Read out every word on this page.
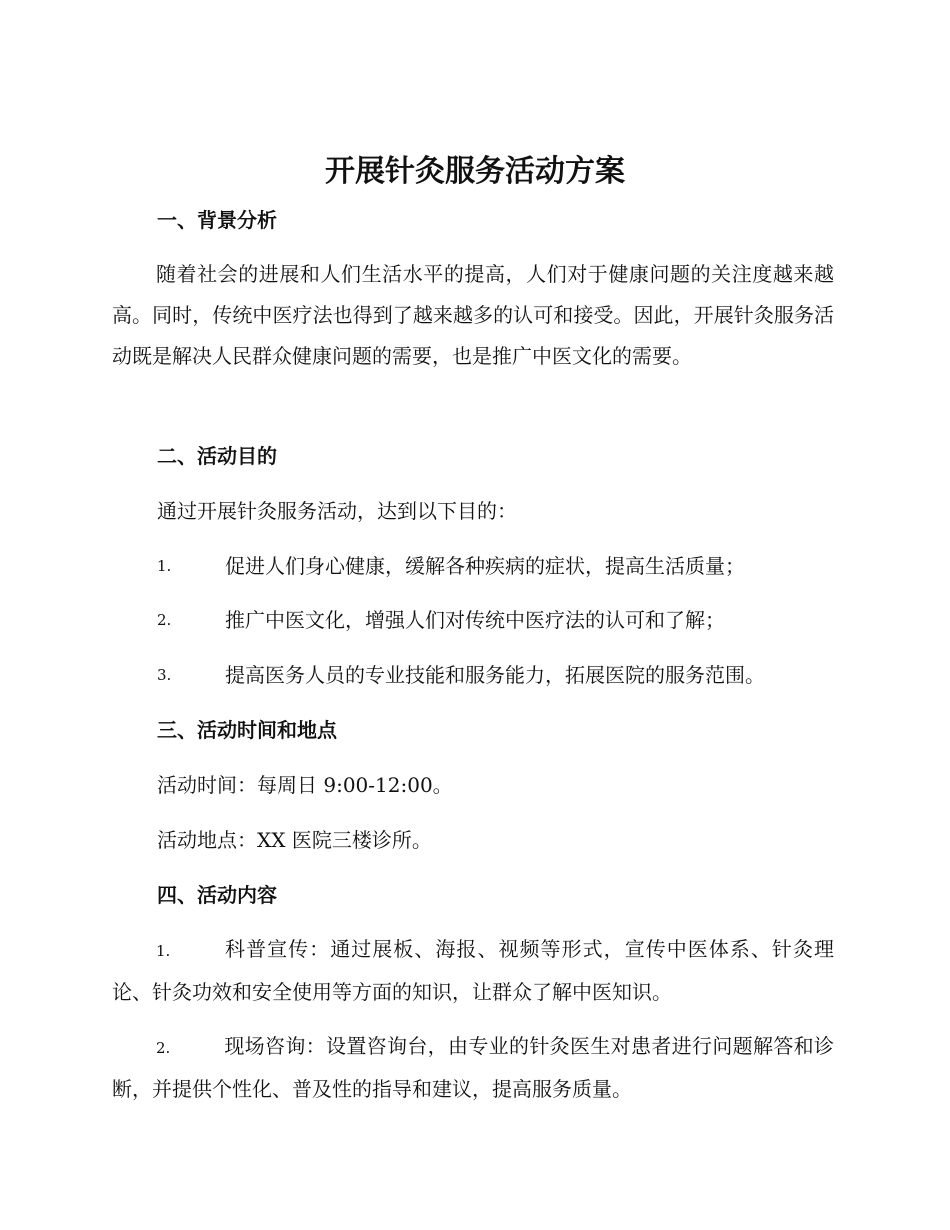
开展针灸服务活动方案
一、背景分析
随着社会的进展和人们生活水平的提高，人们对于健康问题的关注度越来越高。同时，传统中医疗法也得到了越来越多的认可和接受。因此，开展针灸服务活动既是解决人民群众健康问题的需要，也是推广中医文化的需要。
二、活动目的
通过开展针灸服务活动，达到以下目的：
1.	促进人们身心健康，缓解各种疾病的症状，提高生活质量；
2.	推广中医文化，增强人们对传统中医疗法的认可和了解；
3.	提高医务人员的专业技能和服务能力，拓展医院的服务范围。
三、活动时间和地点
活动时间：每周日 9:00-12:00。
活动地点：XX 医院三楼诊所。
四、活动内容
1.	科普宣传：通过展板、海报、视频等形式，宣传中医体系、针灸理论、针灸功效和安全使用等方面的知识，让群众了解中医知识。
2.	现场咨询：设置咨询台，由专业的针灸医生对患者进行问题解答和诊断，并提供个性化、普及性的指导和建议，提高服务质量。
